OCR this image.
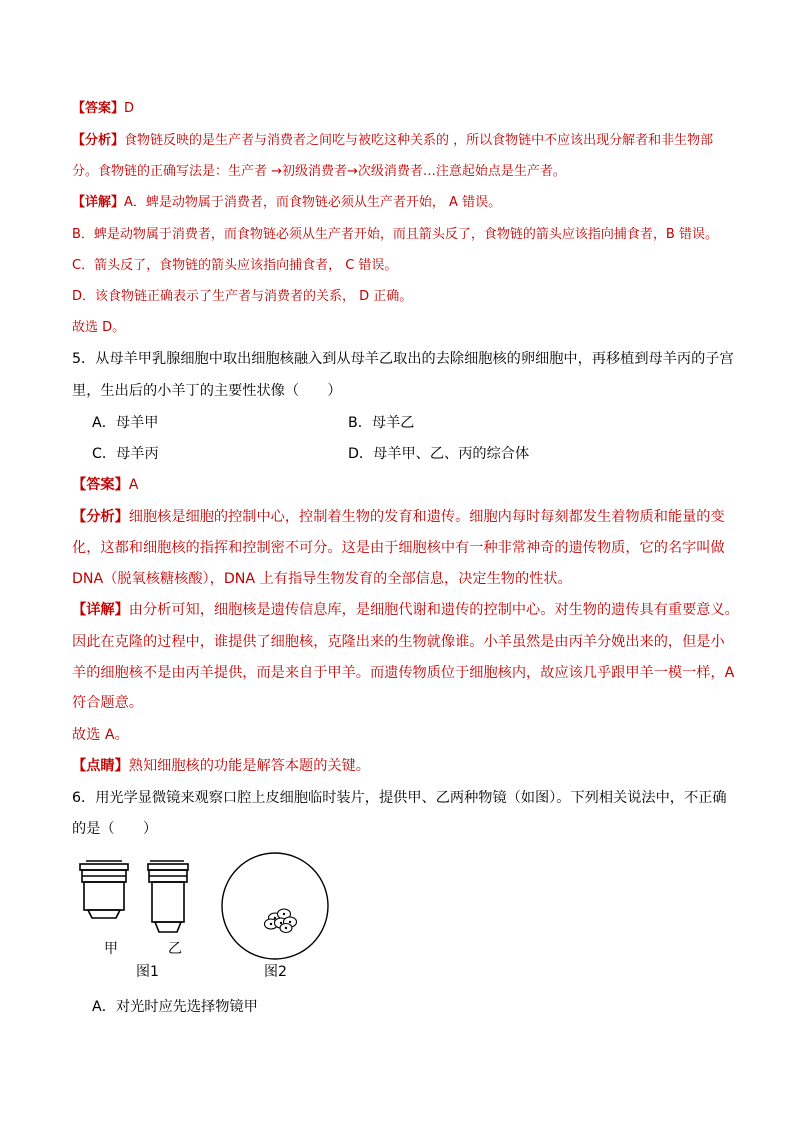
【答案】D
【分析】食物链反映的是生产者与消费者之间吃与被吃这种关系的 ，所以食物链中不应该出现分解者和非生物部
分。食物链的正确写法是：生产者 →初级消费者→次级消费者…注意起始点是生产者。
【详解】A．蜱是动物属于消费者，而食物链必须从生产者开始， A 错误。
B．蜱是动物属于消费者，而食物链必须从生产者开始，而且箭头反了，食物链的箭头应该指向捕食者，B 错误。
C．箭头反了，食物链的箭头应该指向捕食者， C 错误。
D．该食物链正确表示了生产者与消费者的关系， D 正确。
故选 D。
5．从母羊甲乳腺细胞中取出细胞核融入到从母羊乙取出的去除细胞核的卵细胞中，再移植到母羊丙的子宫
里，生出后的小羊丁的主要性状像（　　）
A．母羊甲	B．母羊乙
C．母羊丙	D．母羊甲、乙、丙的综合体
【答案】A
【分析】细胞核是细胞的控制中心，控制着生物的发育和遗传。细胞内每时每刻都发生着物质和能量的变
化，这都和细胞核的指挥和控制密不可分。这是由于细胞核中有一种非常神奇的遗传物质，它的名字叫做
DNA（脱氧核糖核酸），DNA 上有指导生物发育的全部信息，决定生物的性状。
【详解】由分析可知，细胞核是遗传信息库，是细胞代谢和遗传的控制中心。对生物的遗传具有重要意义。
因此在克隆的过程中，谁提供了细胞核，克隆出来的生物就像谁。小羊虽然是由丙羊分娩出来的，但是小
羊的细胞核不是由丙羊提供，而是来自于甲羊。而遗传物质位于细胞核内，故应该几乎跟甲羊一模一样，A
符合题意。
故选 A。
【点睛】熟知细胞核的功能是解答本题的关键。
6．用光学显微镜来观察口腔上皮细胞临时装片，提供甲、乙两种物镜（如图）。下列相关说法中，不正确
的是（　　）
甲	乙
图1	图2
A．对光时应先选择物镜甲
